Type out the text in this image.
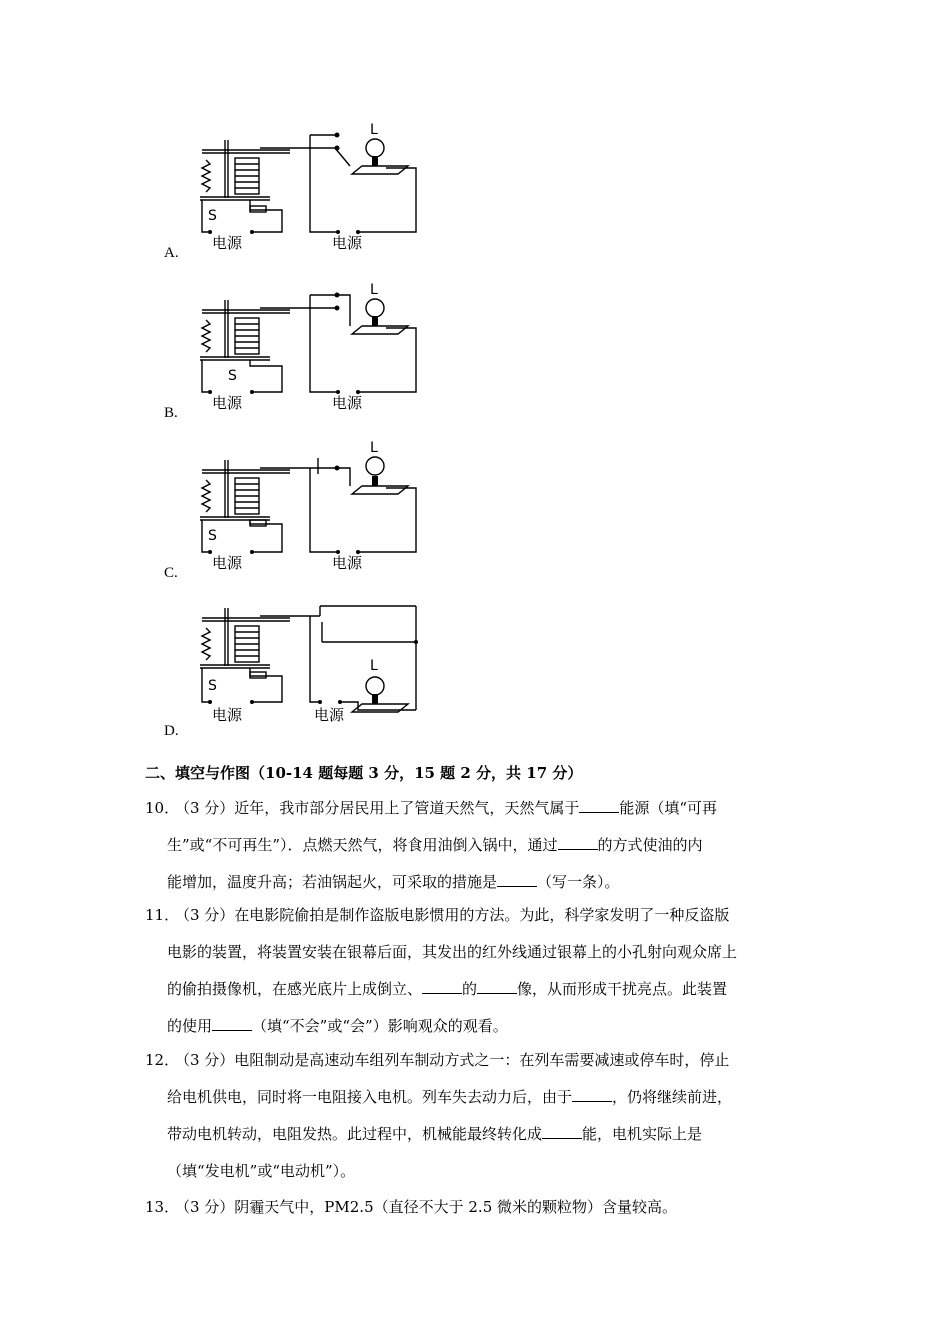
S
L
电源	电源
A.
S
L
电源	电源
B.
S
L
电源	电源
C.
S
L
电源	电源
D.
二、填空与作图（10-14 题每题 3 分，15 题 2 分，共 17 分）
10．
（3 分）近年，我市部分居民用上了管道天然气，天然气属于	能源（填“可再
生”或“不可再生”）．点燃天然气，将食用油倒入锅中，通过	的方式使油的内
能增加，温度升高；若油锅起火，可采取的措施是	（写一条）。
11．
（3 分）在电影院偷拍是制作盗版电影惯用的方法。为此，科学家发明了一种反盗版
电影的装置，将装置安装在银幕后面，其发出的红外线通过银幕上的小孔射向观众席上
的偷拍摄像机，在感光底片上成倒立、	的	像，从而形成干扰亮点。此装置
的使用	（填“不会”或“会”）影响观众的观看。
12．
（3 分）电阻制动是高速动车组列车制动方式之一：在列车需要减速或停车时，停止
给电机供电，同时将一电阻接入电机。列车失去动力后，由于	，仍将继续前进，
带动电机转动，电阻发热。此过程中，机械能最终转化成	能，电机实际上是
（填“发电机”或“电动机”）。
13．
（3 分）阴霾天气中，PM2.5（直径不大于 2.5 微米的颗粒物）含量较高。
